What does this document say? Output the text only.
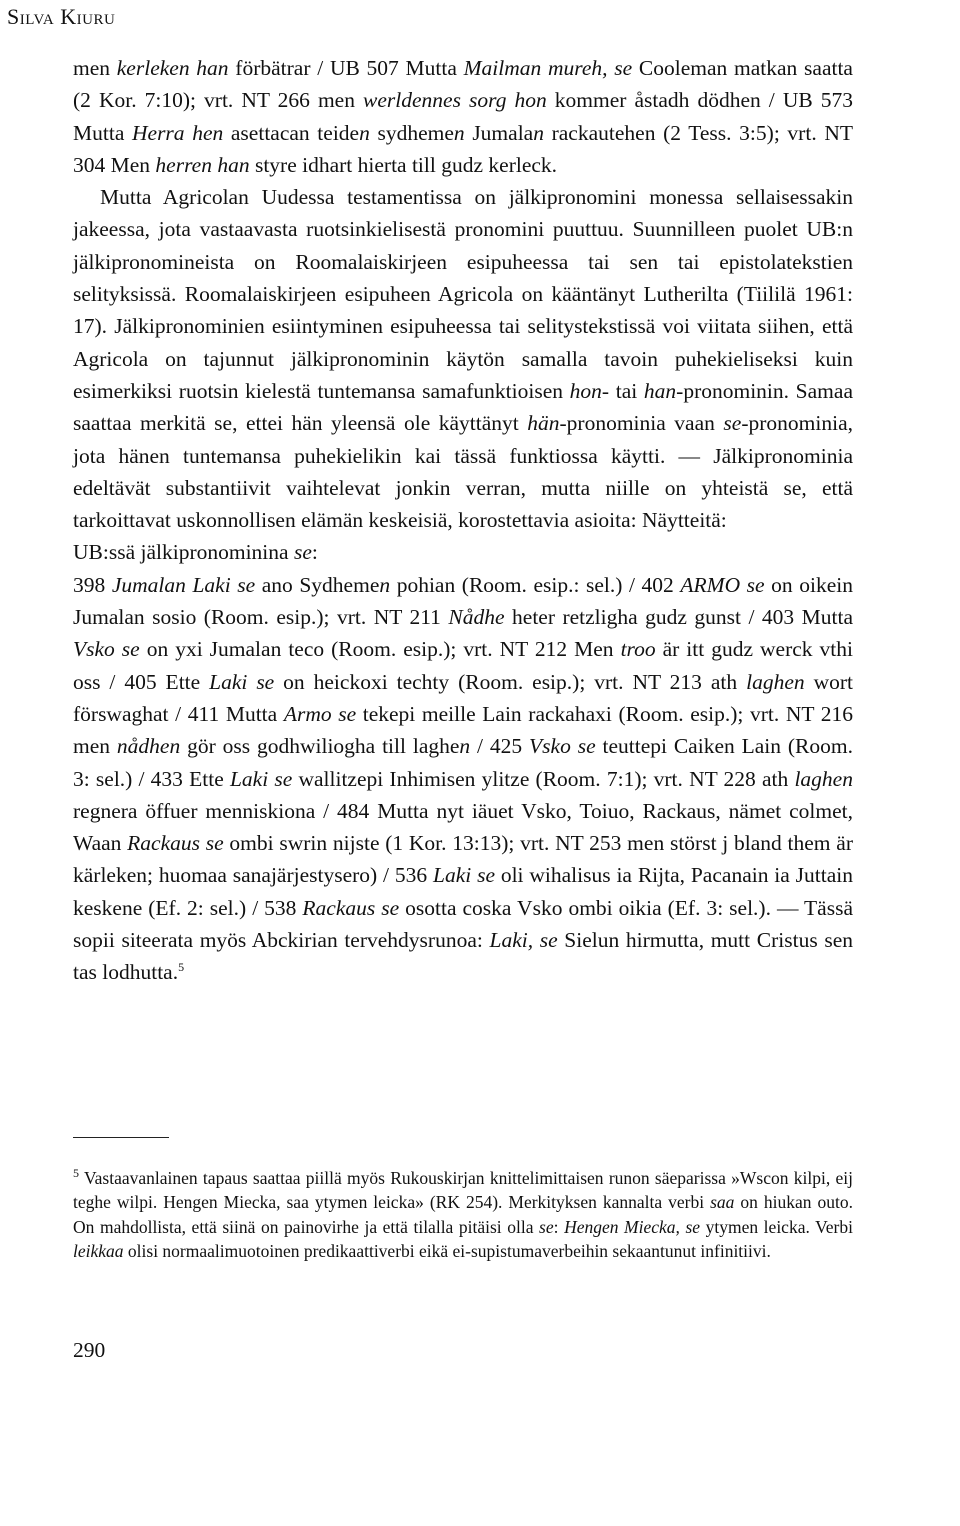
Silva Kiuru

men kerleken han förbätrar / UB 507 Mutta Mailman mureh, se Cooleman matkan saatta (2 Kor. 7:10); vrt. NT 266 men werldennes sorg hon kommer åstadh dödhen / UB 573 Mutta Herra hen asettacan teiden sydhemen Jumalan rackautehen (2 Tess. 3:5); vrt. NT 304 Men herren han styre idhart hierta till gudz kerleck.

Mutta Agricolan Uudessa testamentissa on jälkipronomini monessa sellaisessakin jakeessa, jota vastaavasta ruotsinkielisestä pronomini puuttuu. Suunnilleen puolet UB:n jälkipronomineista on Roomalaiskirjeen esipuheessa tai sen tai epistolatekstien selityksissä. Roomalaiskirjeen esipuheen Agricola on kääntänyt Lutherilta (Tiililä 1961: 17). Jälkipronominien esiintyminen esipuheessa tai selitystekstissä voi viitata siihen, että Agricola on tajunnut jälkipronominin käytön samalla tavoin puhekieliseksi kuin esimerkiksi ruotsin kielestä tuntemansa samafunktioisen hon- tai han-pronominin. Samaa saattaa merkitä se, ettei hän yleensä ole käyttänyt hän-pronominia vaan se-pronominia, jota hänen tuntemansa puhekielikin kai tässä funktiossa käytti. — Jälkipronominia edeltävät substantiivit vaihtelevat jonkin verran, mutta niille on yhteistä se, että tarkoittavat uskonnollisen elämän keskeisiä, korostettavia asioita: Näytteitä:

UB:ssä jälkipronominina se:

398 Jumalan Laki se ano Sydhemen pohian (Room. esip.: sel.) / 402 ARMO se on oikein Jumalan sosio (Room. esip.); vrt. NT 211 Nådhe heter retzligha gudz gunst / 403 Mutta Vsko se on yxi Jumalan teco (Room. esip.); vrt. NT 212 Men troo är itt gudz werck vthi oss / 405 Ette Laki se on heickoxi techty (Room. esip.); vrt. NT 213 ath laghen wort förswaghat / 411 Mutta Armo se tekepi meille Lain rackahaxi (Room. esip.); vrt. NT 216 men nådhen gör oss godhwiliogha till laghen / 425 Vsko se teuttepi Caiken Lain (Room. 3: sel.) / 433 Ette Laki se wallitzepi Inhimisen ylitze (Room. 7:1); vrt. NT 228 ath laghen regnera öffuer menniskiona / 484 Mutta nyt iäuet Vsko, Toiuo, Rackaus, nämet colmet, Waan Rackaus se ombi swrin nijste (1 Kor. 13:13); vrt. NT 253 men störst j bland them är kärleken; huomaa sanajärjestysero) / 536 Laki se oli wihalisus ia Rijta, Pacanain ia Juttain keskene (Ef. 2: sel.) / 538 Rackaus se osotta coska Vsko ombi oikia (Ef. 3: sel.). — Tässä sopii siteerata myös Abckirian tervehdysrunoa: Laki, se Sielun hirmutta, mutt Cristus sen tas lodhutta.$^5$

$^5$ Vastaavanlainen tapaus saattaa piillä myös Rukouskirjan knittelimittaisen runon säeparissa »Wscon kilpi, eij teghe wilpi. Hengen Miecka, saa ytymen leicka» (RK 254). Merkityksen kannalta verbi saa on hiukan outo. On mahdollista, että siinä on painovirhe ja että tilalla pitäisi olla se: Hengen Miecka, se ytymen leicka. Verbi leikkaa olisi normaalimuotoinen predikaattiverbi eikä ei-supistumaverbeihin sekaantunut infinitiivi.

290
